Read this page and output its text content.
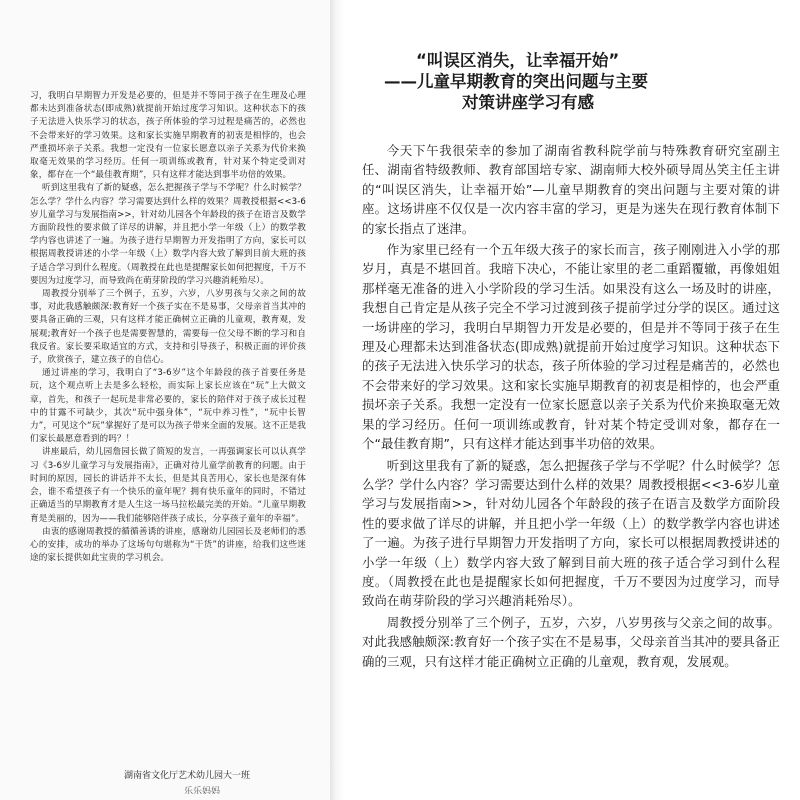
习，我明白早期智力开发是必要的，但是并不等同于孩子在生理及心理都未达到准备状态(即成熟)就提前开始过度学习知识。这种状态下的孩子无法进入快乐学习的状态，孩子所体验的学习过程是痛苦的，必然也不会带来好的学习效果。这和家长实施早期教育的初衷是相悖的，也会严重损坏亲子关系。我想一定没有一位家长愿意以亲子关系为代价来换取毫无效果的学习经历。任何一项训练或教育，针对某个特定受训对象，都存在一个“最佳教育期”，只有这样才能达到事半功倍的效果。

听到这里我有了新的疑惑，怎么把握孩子学与不学呢？什么时候学？怎么学？学什么内容？学习需要达到什么样的效果？周教授根据<<3-6岁儿童学习与发展指南>>，针对幼儿园各个年龄段的孩子在语言及数学方面阶段性的要求做了详尽的讲解，并且把小学一年级（上）的数学教学内容也讲述了一遍。为孩子进行早期智力开发指明了方向，家长可以根据周教授讲述的小学一年级（上）数学内容大致了解到目前大班的孩子适合学习到什么程度。（周教授在此也是提醒家长如何把握度，千万不要因为过度学习，而导致尚在萌芽阶段的学习兴趣消耗殆尽）。

周教授分别举了三个例子，五岁，六岁，八岁男孩与父亲之间的故事，对此我感触颇深:教育好一个孩子实在不是易事，父母亲首当其冲的要具备正确的三观，只有这样才能正确树立正确的儿童观，教育观，发展观;教育好一个孩子也是需要智慧的，需要每一位父母不断的学习和自我反省。家长要采取适宜的方式，支持和引导孩子，积极正面的评价孩子，欣赏孩子，建立孩子的自信心。

通过讲座的学习，我明白了“3-6岁”这个年龄段的孩子首要任务是玩，这个观点听上去是多么轻松，而实际上家长应该在“玩”上大做文章，首先，和孩子一起玩是非常必要的，家长的陪伴对于孩子成长过程中的甘露不可缺少，其次“玩中强身体”，“玩中养习性”，“玩中长智力”，可见这个“玩”掌握好了是可以为孩子带来全面的发展。这不正是我们家长最愿意看到的吗？！

讲座最后，幼儿园詹园长做了简短的发言，一再强调家长可以认真学习《3-6岁儿童学习与发展指南》，正确对待儿童学前教育的问题。由于时间的原因，园长的讲话并不太长，但是其良苦用心，家长也是深有体会，谁不希望孩子有一个快乐的童年呢？拥有快乐童年的同时，不错过正确适当的早期教育才是人生这一场马拉松最完美的开始。“儿童早期教育是美丽的，因为——我们能够陪伴孩子成长，分享孩子童年的幸福”。

由衷的感谢周教授的循循善诱的讲座，感谢幼儿园园长及老师们的悉心的安排，成功的举办了这场句句堪称为“干货”的讲座，给我们这些迷途的家长提供如此宝贵的学习机会。

湖南省文化厅艺术幼儿园大一班
乐乐妈妈
“叫误区消失，让幸福开始”
——儿童早期教育的突出问题与主要
对策讲座学习有感

今天下午我很荣幸的参加了湖南省教科院学前与特殊教育研究室副主任、湖南省特级教师、教育部国培专家、湖南师大校外硕导周丛笑主任主讲的“叫误区消失，让幸福开始”—儿童早期教育的突出问题与主要对策的讲座。这场讲座不仅仅是一次内容丰富的学习，更是为迷失在现行教育体制下的家长指点了迷津。

作为家里已经有一个五年级大孩子的家长而言，孩子刚刚进入小学的那岁月，真是不堪回首。我暗下决心，不能让家里的老二重蹈覆辙，再像姐姐那样毫无准备的进入小学阶段的学习生活。如果没有这么一场及时的讲座，我想自己肯定是从孩子完全不学习过渡到孩子提前学过分学的误区。通过这一场讲座的学习，我明白早期智力开发是必要的，但是并不等同于孩子在生理及心理都未达到准备状态(即成熟)就提前开始过度学习知识。这种状态下的孩子无法进入快乐学习的状态，孩子所体验的学习过程是痛苦的，必然也不会带来好的学习效果。这和家长实施早期教育的初衷是相悖的，也会严重损坏亲子关系。我想一定没有一位家长愿意以亲子关系为代价来换取毫无效果的学习经历。任何一项训练或教育，针对某个特定受训对象，都存在一个“最佳教育期”，只有这样才能达到事半功倍的效果。

听到这里我有了新的疑惑，怎么把握孩子学与不学呢？什么时候学？怎么学？学什么内容？学习需要达到什么样的效果？周教授根据<<3-6岁儿童学习与发展指南>>，针对幼儿园各个年龄段的孩子在语言及数学方面阶段性的要求做了详尽的讲解，并且把小学一年级（上）的数学教学内容也讲述了一遍。为孩子进行早期智力开发指明了方向，家长可以根据周教授讲述的小学一年级（上）数学内容大致了解到目前大班的孩子适合学习到什么程度。（周教授在此也是提醒家长如何把握度，千万不要因为过度学习，而导致尚在萌芽阶段的学习兴趣消耗殆尽）。

周教授分别举了三个例子，五岁，六岁，八岁男孩与父亲之间的故事。对此我感触颇深:教育好一个孩子实在不是易事，父母亲首当其冲的要具备正确的三观，只有这样才能正确树立正确的儿童观，教育观，发展观。
